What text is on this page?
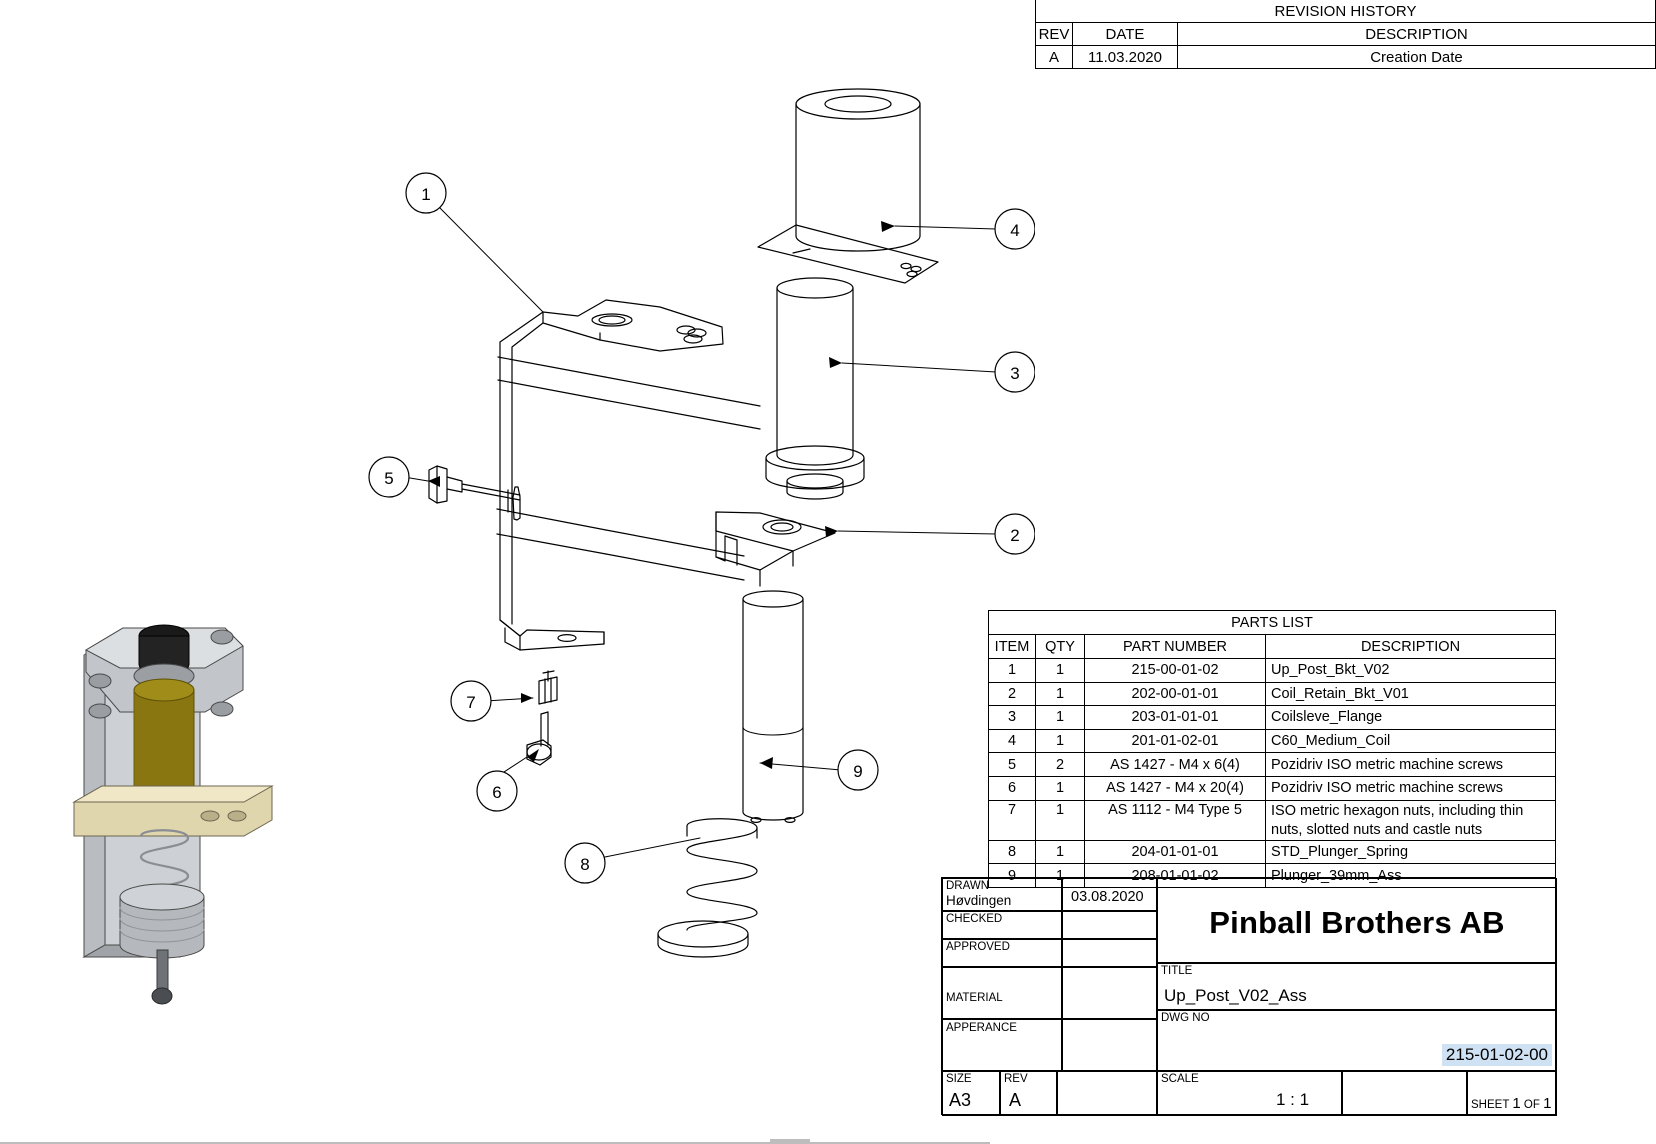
1
4
3
2
5
7
6
8
9
REVISION HISTORY		
REV	DATE	DESCRIPTION
A	11.03.2020	Creation Date
PARTS LIST			
ITEM	QTY	PART NUMBER	DESCRIPTION
1	1	215-00-01-02	Up_Post_Bkt_V02
2	1	202-00-01-01	Coil_Retain_Bkt_V01
3	1	203-01-01-01	Coilsleve_Flange
4	1	201-01-02-01	C60_Medium_Coil
5	2	AS 1427 - M4 x 6(4)	Pozidriv ISO metric machine screws
6	1	AS 1427 - M4 x 20(4)	Pozidriv ISO metric machine screws
7	1	AS 1112 - M4 Type 5	ISO metric hexagon nuts, including thin nuts, slotted nuts and castle nuts
8	1	204-01-01-01	STD_Plunger_Spring
9	1	208-01-01-02	Plunger_39mm_Ass
DRAWN
Høvdingen	03.08.2020
CHECKED
APPROVED
MATERIAL
APPERANCE
Pinball Brothers AB
TITLE
Up_Post_V02_Ass
DWG NO
215-01-02-00
SIZE
A3
REV
A
SCALE
1 : 1	SHEET 1 OF 1
